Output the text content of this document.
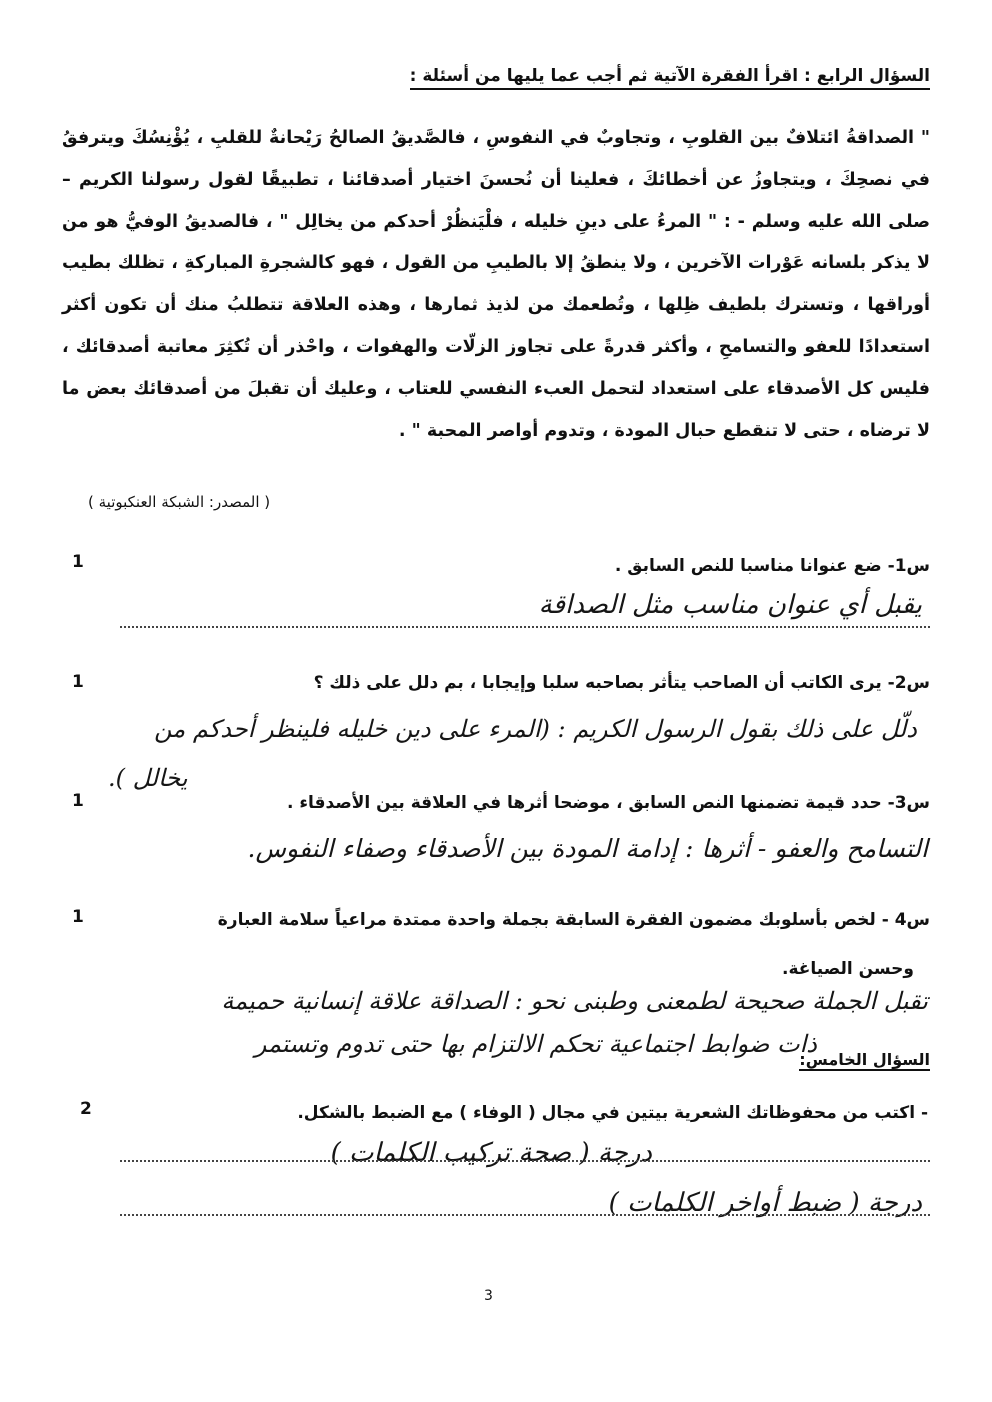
السؤال الرابع : اقرأ الفقرة الآتية ثم أجب عما يليها من أسئلة :
" الصداقةُ ائتلافٌ بين القلوبِ ، وتجاوبٌ في النفوسِ ، فالصَّديقُ الصالحُ رَيْحانةٌ للقلبِ ، يُؤْنِسُكَ ويترفقُ في نصحِكَ ، ويتجاوزُ عن أخطائكَ ، فعلينا أن نُحسنَ اختيار أصدقائنا ، تطبيقًا لقول رسولنا الكريم – صلى الله عليه وسلم - : " المرءُ على دينِ خليله ، فلْيَنظُرْ أحدكم من يخالِل " ، فالصديقُ الوفيُّ هو من لا يذكر بلسانه عَوْرات الآخرين ، ولا ينطقُ إلا بالطيبِ من القول ، فهو كالشجرةِ المباركةِ ، تظلك بطيب أوراقها ، وتسترك بلطيف ظِلها ، وتُطعمك من لذيذ ثمارها ، وهذه العلاقة تتطلبُ منك أن تكون أكثر استعدادًا للعفو والتسامحِ ، وأكثر قدرةً على تجاوز الزلّات والهفوات ، واحْذر أن تُكثِرَ معاتبة أصدقائك ، فليس كل الأصدقاء على استعداد لتحمل العبء النفسي للعتاب ، وعليك أن تقبلَ من أصدقائك بعض ما لا ترضاه ، حتى لا تنقطع حبال المودة ، وتدوم أواصر المحبة " .
( المصدر: الشبكة العنكبوتية )
س1- ضع عنوانا مناسبا للنص السابق .
1
يقبل أي عنوان مناسب مثل الصداقة
س2- يرى الكاتب أن الصاحب يتأثر بصاحبه سلبا وإيجابا ، بم دلل على ذلك ؟
1
دلّل على ذلك بقول الرسول الكريم : (المرء على دين خليله فلينظر أحدكم من
يخالل ).
س3- حدد قيمة تضمنها النص السابق ، موضحا أثرها في العلاقة بين الأصدقاء .
1
التسامح والعفو - أثرها : إدامة المودة بين الأصدقاء وصفاء النفوس.
س4 - لخص بأسلوبك مضمون الفقرة السابقة بجملة واحدة ممتدة مراعياً سلامة العبارة
1
وحسن الصياغة.
تقبل الجملة صحيحة لطمعنى وطبنى نحو : الصداقة علاقة إنسانية حميمة
ذات ضوابط اجتماعية تحكم الالتزام بها حتى تدوم وتستمر
السؤال الخامس:
- اكتب من محفوظاتك الشعرية بيتين في مجال ( الوفاء ) مع الضبط بالشكل.
2
درجة ( صحة تركيب الكلمات )
درجة ( ضبط أواخر الكلمات )
3
